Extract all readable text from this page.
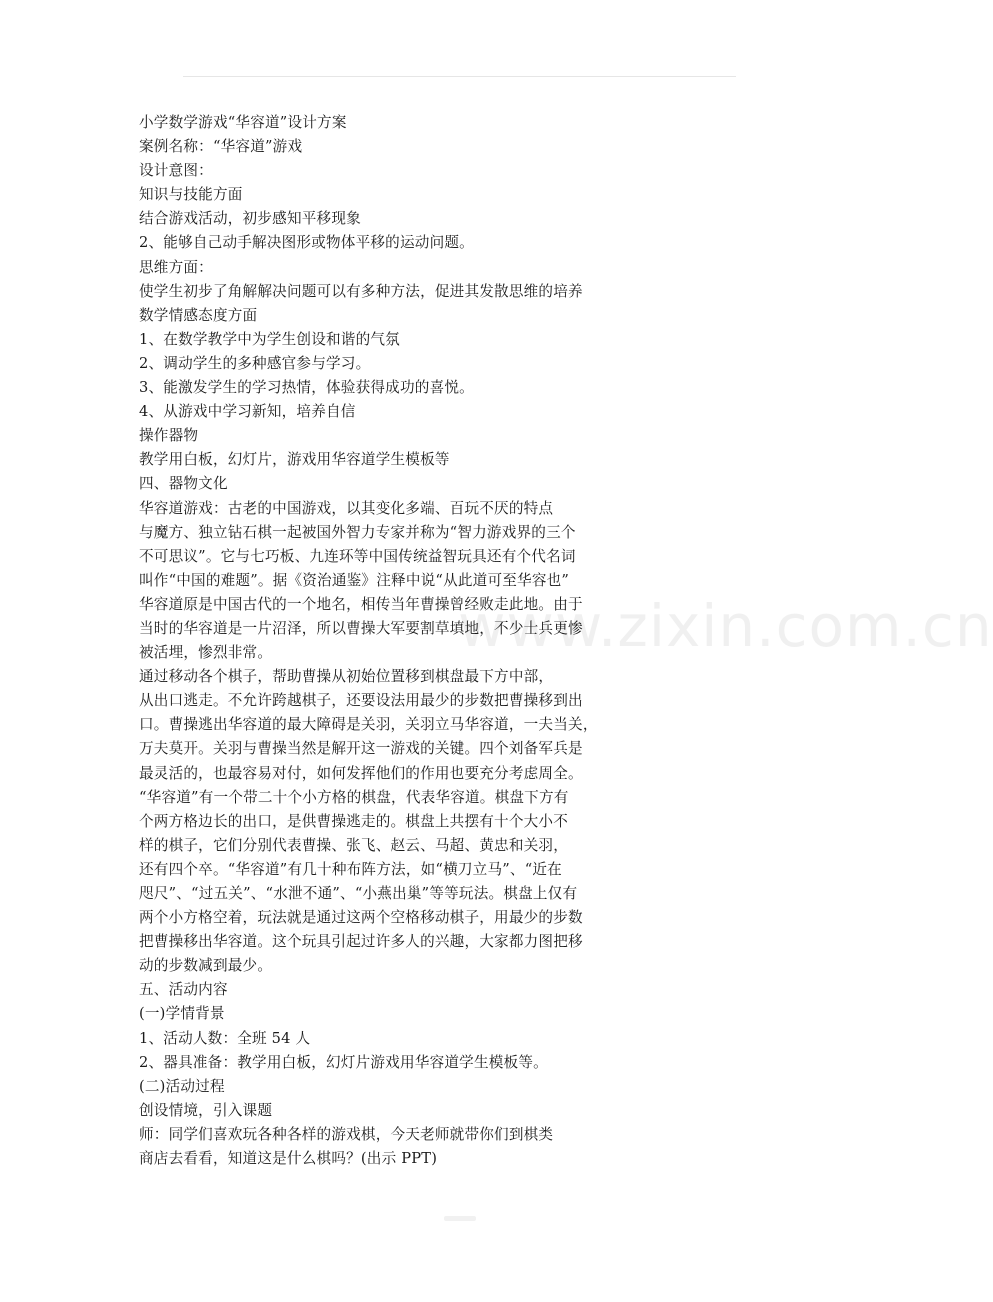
www.zixin.com.cn
小学数学游戏“华容道”设计方案
案例名称：“华容道”游戏
设计意图：
知识与技能方面
结合游戏活动，初步感知平移现象
2、能够自己动手解决图形或物体平移的运动问题。
思维方面：
使学生初步了角解解决问题可以有多种方法，促进其发散思维的培养
数学情感态度方面
1、在数学教学中为学生创设和谐的气氛
2、调动学生的多种感官参与学习。
3、能激发学生的学习热情，体验获得成功的喜悦。
4、从游戏中学习新知，培养自信
操作器物
教学用白板，幻灯片，游戏用华容道学生模板等
四、器物文化
华容道游戏：古老的中国游戏，以其变化多端、百玩不厌的特点
与魔方、独立钻石棋一起被国外智力专家并称为“智力游戏界的三个
不可思议”。它与七巧板、九连环等中国传统益智玩具还有个代名词
叫作“中国的难题”。据《资治通鉴》注释中说“从此道可至华容也”
华容道原是中国古代的一个地名，相传当年曹操曾经败走此地。由于
当时的华容道是一片沼泽，所以曹操大军要割草填地，不少士兵更惨
被活埋，惨烈非常。
通过移动各个棋子，帮助曹操从初始位置移到棋盘最下方中部，
从出口逃走。不允许跨越棋子，还要设法用最少的步数把曹操移到出
口。曹操逃出华容道的最大障碍是关羽，关羽立马华容道，一夫当关，
万夫莫开。关羽与曹操当然是解开这一游戏的关键。四个刘备军兵是
最灵活的，也最容易对付，如何发挥他们的作用也要充分考虑周全。
“华容道”有一个带二十个小方格的棋盘，代表华容道。棋盘下方有
个两方格边长的出口，是供曹操逃走的。棋盘上共摆有十个大小不
样的棋子，它们分别代表曹操、张飞、赵云、马超、黄忠和关羽，
还有四个卒。“华容道”有几十种布阵方法，如“横刀立马”、“近在
咫尺”、“过五关”、“水泄不通”、“小燕出巢”等等玩法。棋盘上仅有
两个小方格空着，玩法就是通过这两个空格移动棋子，用最少的步数
把曹操移出华容道。这个玩具引起过许多人的兴趣，大家都力图把移
动的步数减到最少。
五、活动内容
(一)学情背景
1、活动人数：全班 54 人
2、器具准备：教学用白板，幻灯片游戏用华容道学生模板等。
(二)活动过程
创设情境，引入课题
师：同学们喜欢玩各种各样的游戏棋，今天老师就带你们到棋类
商店去看看，知道这是什么棋吗？(出示 PPT)
